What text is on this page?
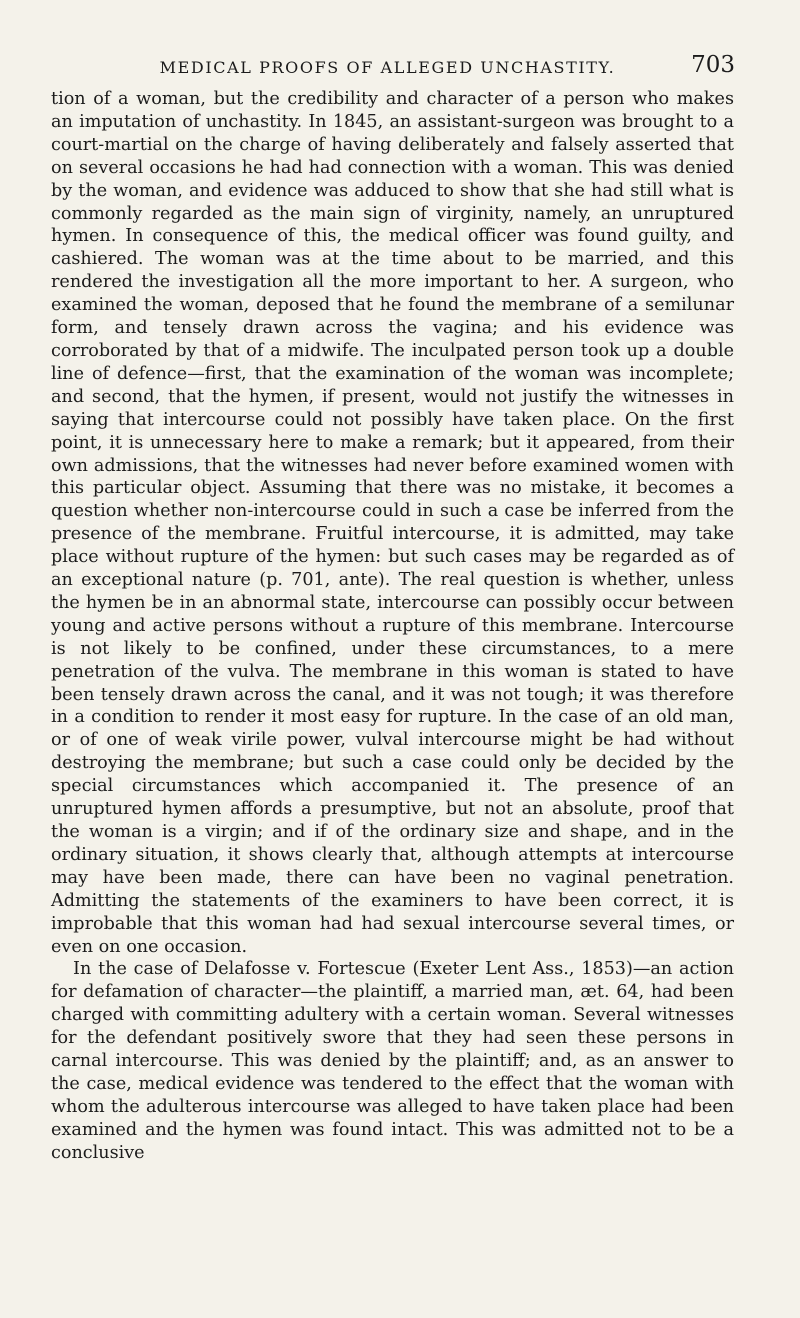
MEDICAL PROOFS OF ALLEGED UNCHASTITY.	703

tion of a woman, but the credibility and character of a person who makes an imputation of unchastity. In 1845, an assistant-surgeon was brought to a court-martial on the charge of having deliberately and falsely asserted that on several occasions he had had connection with a woman. This was denied by the woman, and evidence was adduced to show that she had still what is commonly regarded as the main sign of virginity, namely, an unruptured hymen. In consequence of this, the medical officer was found guilty, and cashiered. The woman was at the time about to be married, and this rendered the investigation all the more important to her. A surgeon, who examined the woman, deposed that he found the membrane of a semilunar form, and tensely drawn across the vagina; and his evidence was corroborated by that of a midwife. The inculpated person took up a double line of defence—first, that the examination of the woman was incomplete; and second, that the hymen, if present, would not justify the witnesses in saying that intercourse could not possibly have taken place. On the first point, it is unnecessary here to make a remark; but it appeared, from their own admissions, that the witnesses had never before examined women with this particular object. Assuming that there was no mistake, it becomes a question whether non-intercourse could in such a case be inferred from the presence of the membrane. Fruitful intercourse, it is admitted, may take place without rupture of the hymen: but such cases may be regarded as of an exceptional nature (p. 701, ante). The real question is whether, unless the hymen be in an abnormal state, intercourse can possibly occur between young and active persons without a rupture of this membrane. Intercourse is not likely to be confined, under these circumstances, to a mere penetration of the vulva. The membrane in this woman is stated to have been tensely drawn across the canal, and it was not tough; it was therefore in a condition to render it most easy for rupture. In the case of an old man, or of one of weak virile power, vulval intercourse might be had without destroying the membrane; but such a case could only be decided by the special circumstances which accompanied it. The presence of an unruptured hymen affords a presumptive, but not an absolute, proof that the woman is a virgin; and if of the ordinary size and shape, and in the ordinary situation, it shows clearly that, although attempts at intercourse may have been made, there can have been no vaginal penetration. Admitting the statements of the examiners to have been correct, it is improbable that this woman had had sexual intercourse several times, or even on one occasion.

In the case of Delafosse v. Fortescue (Exeter Lent Ass., 1853)—an action for defamation of character—the plaintiff, a married man, æt. 64, had been charged with committing adultery with a certain woman. Several witnesses for the defendant positively swore that they had seen these persons in carnal intercourse. This was denied by the plaintiff; and, as an answer to the case, medical evidence was tendered to the effect that the woman with whom the adulterous intercourse was alleged to have taken place had been examined and the hymen was found intact. This was admitted not to be a conclusive
